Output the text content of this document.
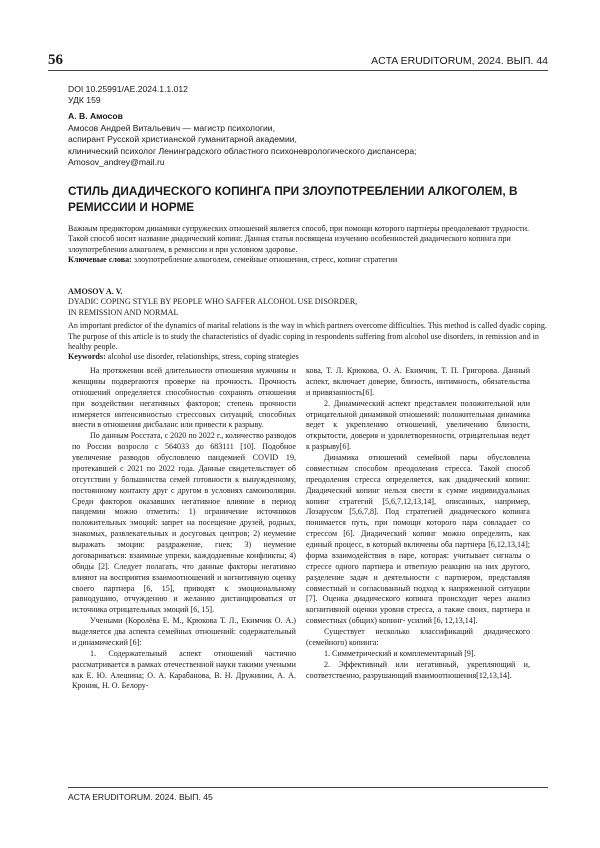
56	ACTA ERUDITORUM, 2024. ВЫП. 44
DOI 10.25991/AE.2024.1.1.012
УДК 159
А. В. Амосов
Амосов Андрей Витальевич — магистр психологии,
аспирант Русской христианской гуманитарной академии,
клинический психолог Ленинградского областного психоневрологического диспансера;
Amosov_andrey@mail.ru
СТИЛЬ ДИАДИЧЕСКОГО КОПИНГА ПРИ ЗЛОУПОТРЕБЛЕНИИ АЛКОГОЛЕМ, В РЕМИССИИ И НОРМЕ
Важным предиктором динамики супружеских отношений является способ, при помощи которого партнеры преодолевают трудности. Такой способ носит название диадический копинг. Данная статья посвящена изучению особенностей диадического копинга при злоупотреблении алкоголем, в ремиссии и при условном здоровье.
Ключевые слова: злоупотребление алкоголем, семейные отношения, стресс, копинг стратегии
AMOSOV A. V.
DYADIC COPING STYLE BY PEOPLE WHO SAFFER ALCOHOL USE DISORDER,
IN REMISSION AND NORMAL
An important predictor of the dynamics of marital relations is the way in which partners overcome difficulties. This method is called dyadic coping. The purpose of this article is to study the characteristics of dyadic coping in respondents suffering from alcohol use disorders, in remission and in healthy people.
Keywords: alcohol use disorder, relationships, stress, coping strategies

На протяжении всей длительности отношения мужчины и женщины подвергаются проверке на прочность. Прочность отношений определяется способностью сохранять отношения при воздействии негативных факторов; степень прочности измеряется интенсивностью стрессовых ситуаций, способных внести в отношения дисбаланс или привести к разрыву.

По данным Росстата, с 2020 по 2022 г., количество разводов по России возросло с 564033 до 683111 [10]. Подобное увеличение разводов обусловлено пандемией COVID 19, протекавшей с 2021 по 2022 года. Данные свидетельствует об отсутствии у большинства семей готовности к вынужденному, постоянному контакту друг с другом в условиях самоизоляции. Среди факторов оказавших негативное влияние в период пандемии можно отметить: 1) ограничение источников положительных эмоций: запрет на посещение друзей, родных, знакомых, развлекательных и досуговых центров; 2) неумение выражать эмоции: раздражение, гнев; 3) неумение договариваться: взаимные упреки, каждодневные конфликты; 4) обиды [2]. Следует полагать, что данные факторы негативно влияют на восприятия взаимоотношений и когнитивную оценку своего партнера [6, 15], приводят к эмоциональному равнодушию, отчуждению и желанию дистанцироваться от источника отрицательных эмоций [6, 15].

Учеными (Королёва Е. М., Крюкова Т. Л., Екимчик О. А.) выделяется два аспекта семейных отношений: содержательный и динамический [6]:

1. Содержательный аспект отношений частично рассматривается в рамках отечественной науки такими учеными как Е. Ю. Алешина; О. А. Карабанова, В. Н. Дружинин, А. А. Кроник, Н. О. Белору-

кова, Т. Л. Крюкова, О. А. Екимчик, Т. П. Григорова. Данный аспект, включает доверие, близость, интимность, обязательства и привязанность[6].

2. Динамический аспект представлен положительной или отрицательной динамикой отношений: положительная динамика ведет к укреплению отношений, увеличению близости, открытости, доверия и удовлетворенности, отрицательная ведет к разрыву[6].

Динамика отношений семейной пары обусловлена совместным способом преодоления стресса. Такой способ преодоления стресса определяется, как диадический копинг. Диадический копинг нельзя свести к сумме индивидуальных копинг стратегий [5,6,7,12,13,14], описанных, например, Лозарусом [5,6,7,8]. Под стратегией диадического копинга понимается путь, при помощи которого пара совладает со стрессом [6]. Диадический копинг можно определить, как единый процесс, в который включены оба партнера [6,12,13,14]; форма взаимодействия в паре, которая: учитывает сигналы о стрессе одного партнера и ответную реакцию на них другого, разделение задач и деятельности с партнером, представляя совместный и согласованный подход к напряженной ситуации [7]. Оценка диадического копинга происходит через анализ когнитивной оценки уровня стресса, а также своих, партнера и совместных (общих) копинг- усилий [6, 12,13,14].

Существует несколько классификаций диадического (семейного) копинга:

1. Симметрический и комплементарный [9].

2. Эффективный или негативный, укрепляющий и, соответственно, разрушающий взаимоотношения[12,13,14].

ACTA ERUDITORUM. 2024. ВЫП. 45
